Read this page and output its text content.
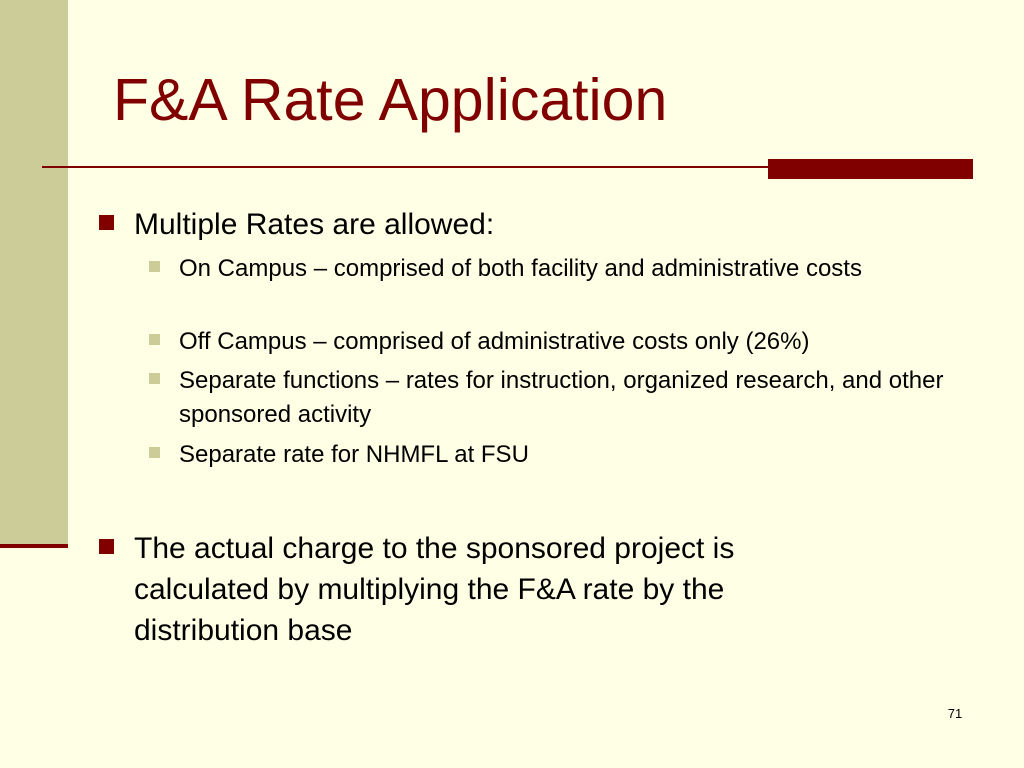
F&A Rate Application
Multiple Rates are allowed:
On Campus – comprised of both facility and administrative costs
Off Campus – comprised of administrative costs only (26%)
Separate functions – rates for instruction, organized research, and other sponsored activity
Separate rate for NHMFL at FSU
The actual charge to the sponsored project is calculated by multiplying the F&A rate by the distribution base
71
